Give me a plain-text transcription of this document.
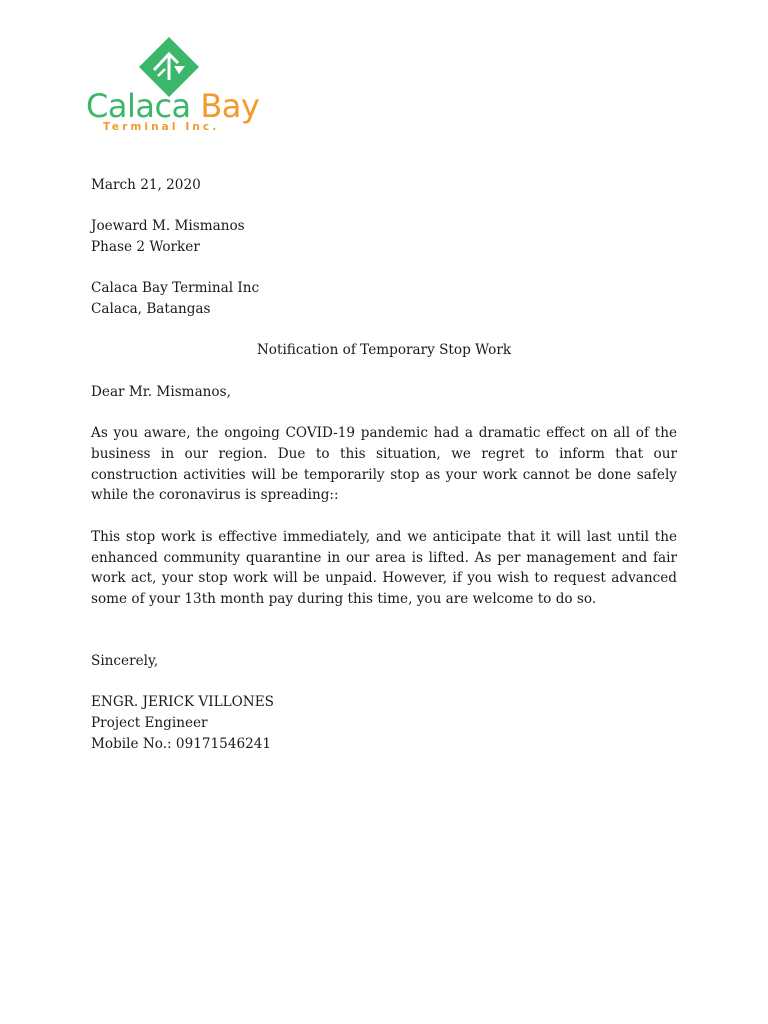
Calaca Bay
Terminal Inc.

March 21, 2020

Joeward M. Mismanos

Phase 2 Worker

Calaca Bay Terminal Inc

Calaca, Batangas

Notification of Temporary Stop Work

Dear Mr. Mismanos,

As you aware, the ongoing COVID-19 pandemic had a dramatic effect on all of the business in our region. Due to this situation, we regret to inform that our construction activities will be temporarily stop as your work cannot be done safely while the coronavirus is spreading::

This stop work is effective immediately, and we anticipate that it will last until the enhanced community quarantine in our area is lifted. As per management and fair work act, your stop work will be unpaid. However, if you wish to request advanced some of your 13th month pay during this time, you are welcome to do so.

Sincerely,

ENGR. JERICK VILLONES

Project Engineer

Mobile No.: 09171546241
